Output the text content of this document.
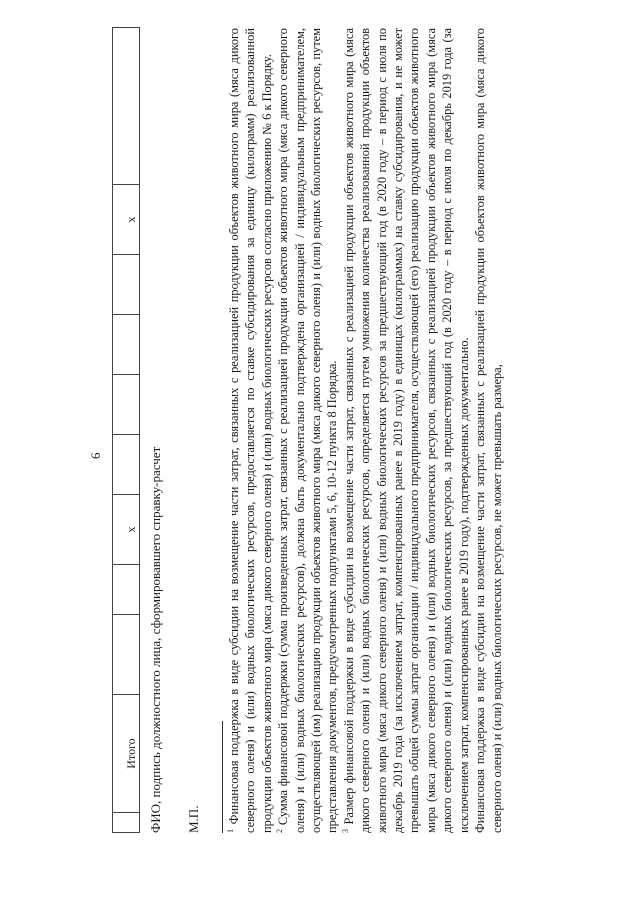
6
	Итого			х					х	
ФИО, подпись должностного лица, сформировавшего справку-расчет М.П.	$^1$ Финансовая поддержка в виде субсидии на возмещение части затрат, связанных с реализацией продукции объектов животного мира (мяса дикого северного оленя) и (или) водных биологических ресурсов, предоставляется по ставке субсидирования за единицу (килограмм) реализованной продукции объектов животного мира (мяса дикого северного оленя) и (или) водных биологических ресурсов согласно приложению № 6 к Порядку. $^2$ Сумма финансовой поддержки (сумма произведенных затрат, связанных с реализацией продукции объектов животного мира (мяса дикого северного оленя) и (или) водных биологических ресурсов), должна быть документально подтверждена организацией / индивидуальным предпринимателем, осуществляющей (им) реализацию продукции объектов животного мира (мяса дикого северного оленя) и (или) водных биологических ресурсов, путем представления документов, предусмотренных подпунктами 5, 6, 10-12 пункта 8 Порядка. $^3$ Размер финансовой поддержки в виде субсидии на возмещение части затрат, связанных с реализацией продукции объектов животного мира (мяса дикого северного оленя) и (или) водных биологических ресурсов, определяется путем умножения количества реализованной продукции объектов животного мира (мяса дикого северного оленя) и (или) водных биологических ресурсов за предшествующий год (в 2020 году – в период с июля по декабрь 2019 года (за исключением затрат, компенсированных ранее в 2019 году) в единицах (килограммах) на ставку субсидирования, и не может превышать общей суммы затрат организации / индивидуального предпринимателя, осуществляющей (его) реализацию продукции объектов животного мира (мяса дикого северного оленя) и (или) водных биологических ресурсов, связанных с реализацией продукции объектов животного мира (мяса дикого северного оленя) и (или) водных биологических ресурсов, за предшествующий год (в 2020 году – в период с июля по декабрь 2019 года (за исключением затрат, компенсированных ранее в 2019 году), подтвержденных документально. Финансовая поддержка в виде субсидии на возмещение части затрат, связанных с реализацией продукции объектов животного мира (мяса дикого северного оленя) и (или) водных биологических ресурсов, не может превышать размера,
